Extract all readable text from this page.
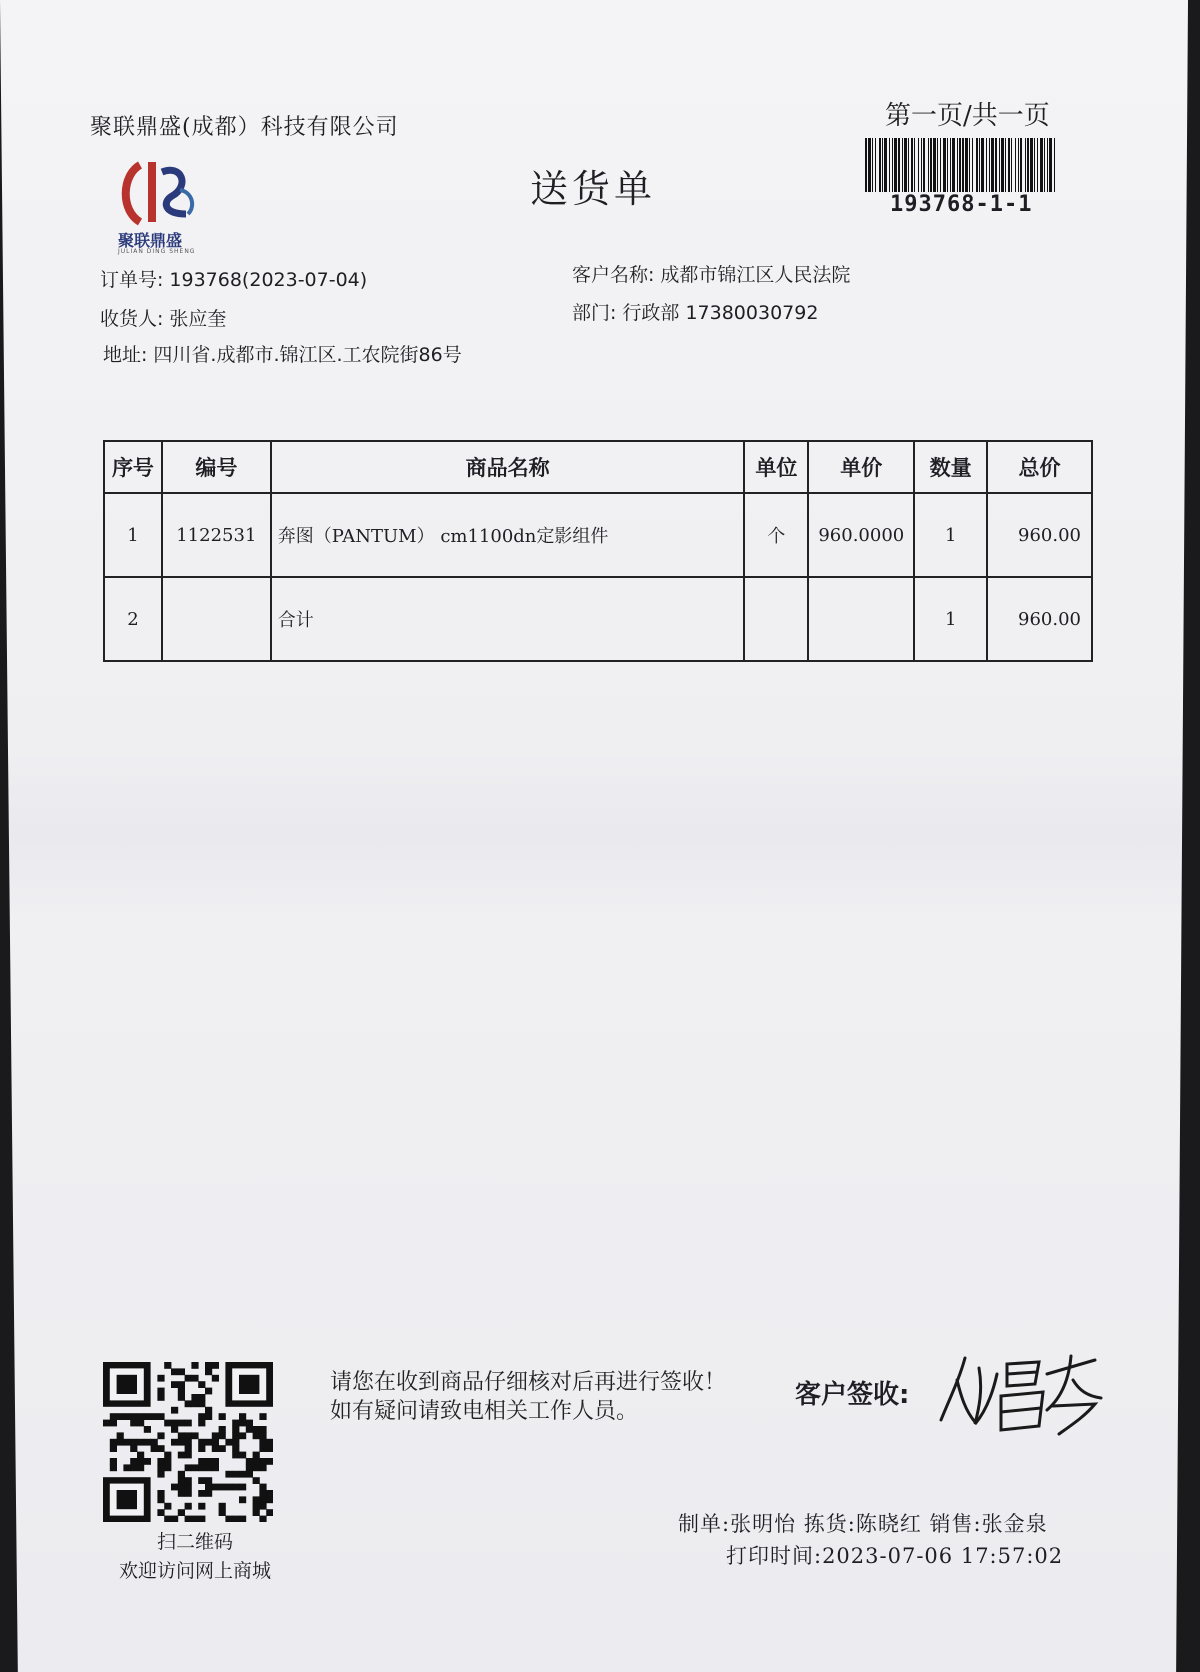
聚联鼎盛(成都）科技有限公司
聚联鼎盛
JULIAN DING SHENG
送货单
第一页/共一页
193768-1-1
订单号: 193768(2023-07-04)
收货人: 张应奎
地址: 四川省.成都市.锦江区.工农院街86号
客户名称: 成都市锦江区人民法院
部门: 行政部 17380030792
序号	编号	商品名称	单位	单价	数量	总价
1	1122531	奔图（PANTUM） cm1100dn定影组件	个	960.0000	1	960.00
2		合计			1	960.00
扫二维码
欢迎访问网上商城
请您在收到商品仔细核对后再进行签收！如有疑问请致电相关工作人员。
客户签收:
制单:张明怡 拣货:陈晓红 销售:张金泉
打印时间:2023-07-06 17:57:02
